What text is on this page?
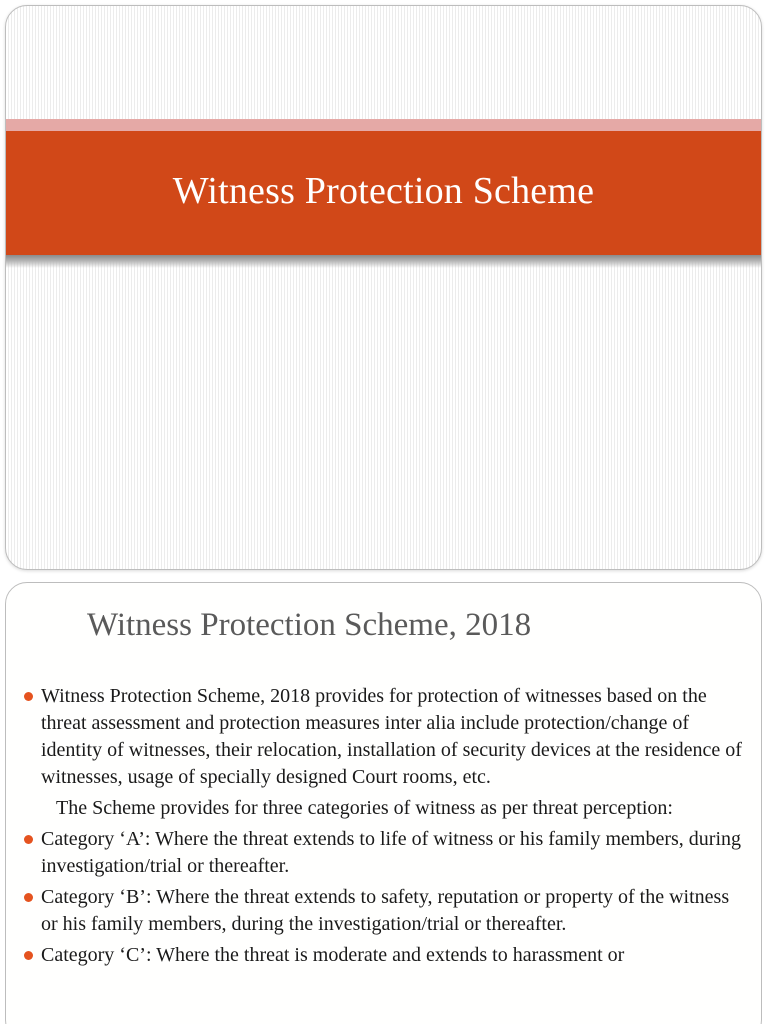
Witness Protection Scheme
Witness Protection Scheme, 2018
Witness Protection Scheme, 2018 provides for protection of witnesses based on the threat assessment and protection measures inter alia include protection/change of identity of witnesses, their relocation, installation of security devices at the residence of witnesses, usage of specially designed Court rooms, etc.
The Scheme provides for three categories of witness as per threat perception:
Category ‘A’: Where the threat extends to life of witness or his family members, during investigation/trial or thereafter.
Category ‘B’: Where the threat extends to safety, reputation or property of the witness or his family members, during the investigation/trial or thereafter.
Category ‘C’: Where the threat is moderate and extends to harassment or
